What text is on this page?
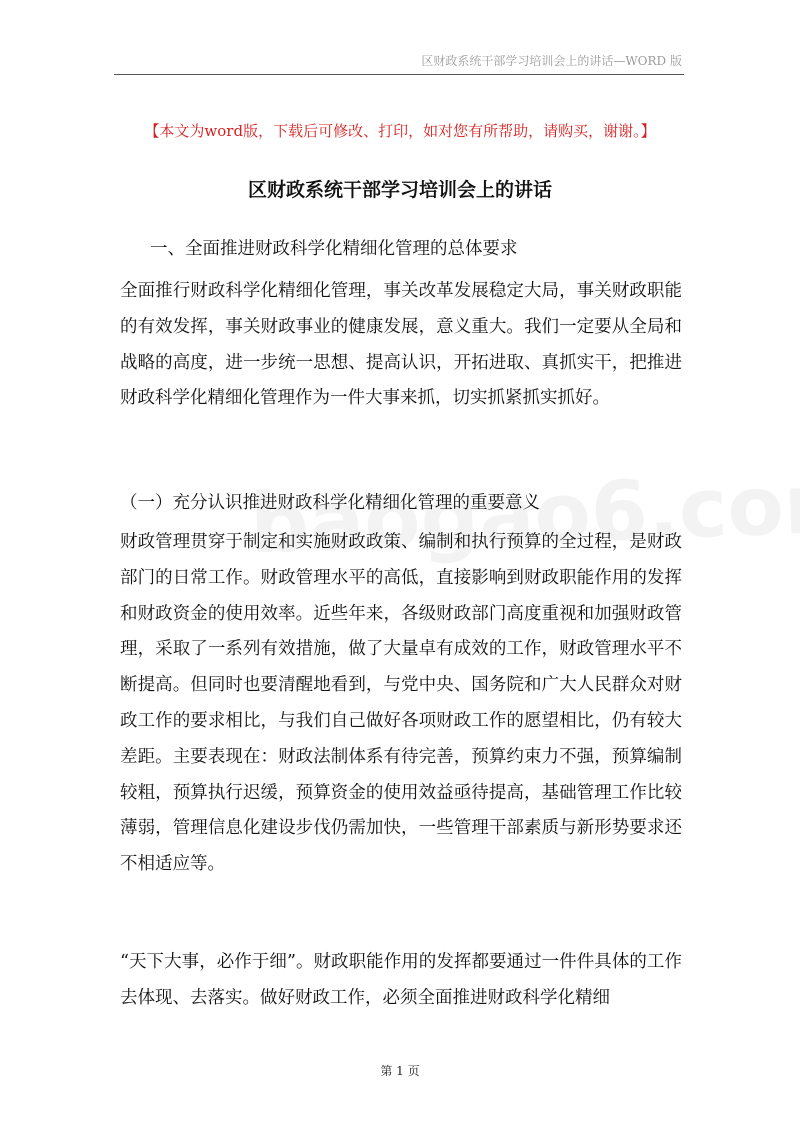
区财政系统干部学习培训会上的讲话—WORD 版
【本文为word版，下载后可修改、打印，如对您有所帮助，请购买，谢谢。】
区财政系统干部学习培训会上的讲话
一、全面推进财政科学化精细化管理的总体要求

全面推行财政科学化精细化管理，事关改革发展稳定大局，事关财政职能的有效发挥，事关财政事业的健康发展，意义重大。我们一定要从全局和战略的高度，进一步统一思想、提高认识，开拓进取、真抓实干，把推进财政科学化精细化管理作为一件大事来抓，切实抓紧抓实抓好。

（一）充分认识推进财政科学化精细化管理的重要意义

财政管理贯穿于制定和实施财政政策、编制和执行预算的全过程，是财政部门的日常工作。财政管理水平的高低，直接影响到财政职能作用的发挥和财政资金的使用效率。近些年来，各级财政部门高度重视和加强财政管理，采取了一系列有效措施，做了大量卓有成效的工作，财政管理水平不断提高。但同时也要清醒地看到，与党中央、国务院和广大人民群众对财政工作的要求相比，与我们自己做好各项财政工作的愿望相比，仍有较大差距。主要表现在：财政法制体系有待完善，预算约束力不强，预算编制较粗，预算执行迟缓，预算资金的使用效益亟待提高，基础管理工作比较薄弱，管理信息化建设步伐仍需加快，一些管理干部素质与新形势要求还不相适应等。

“天下大事，必作于细”。财政职能作用的发挥都要通过一件件具体的工作去体现、去落实。做好财政工作，必须全面推进财政科学化精细

第 1 页
